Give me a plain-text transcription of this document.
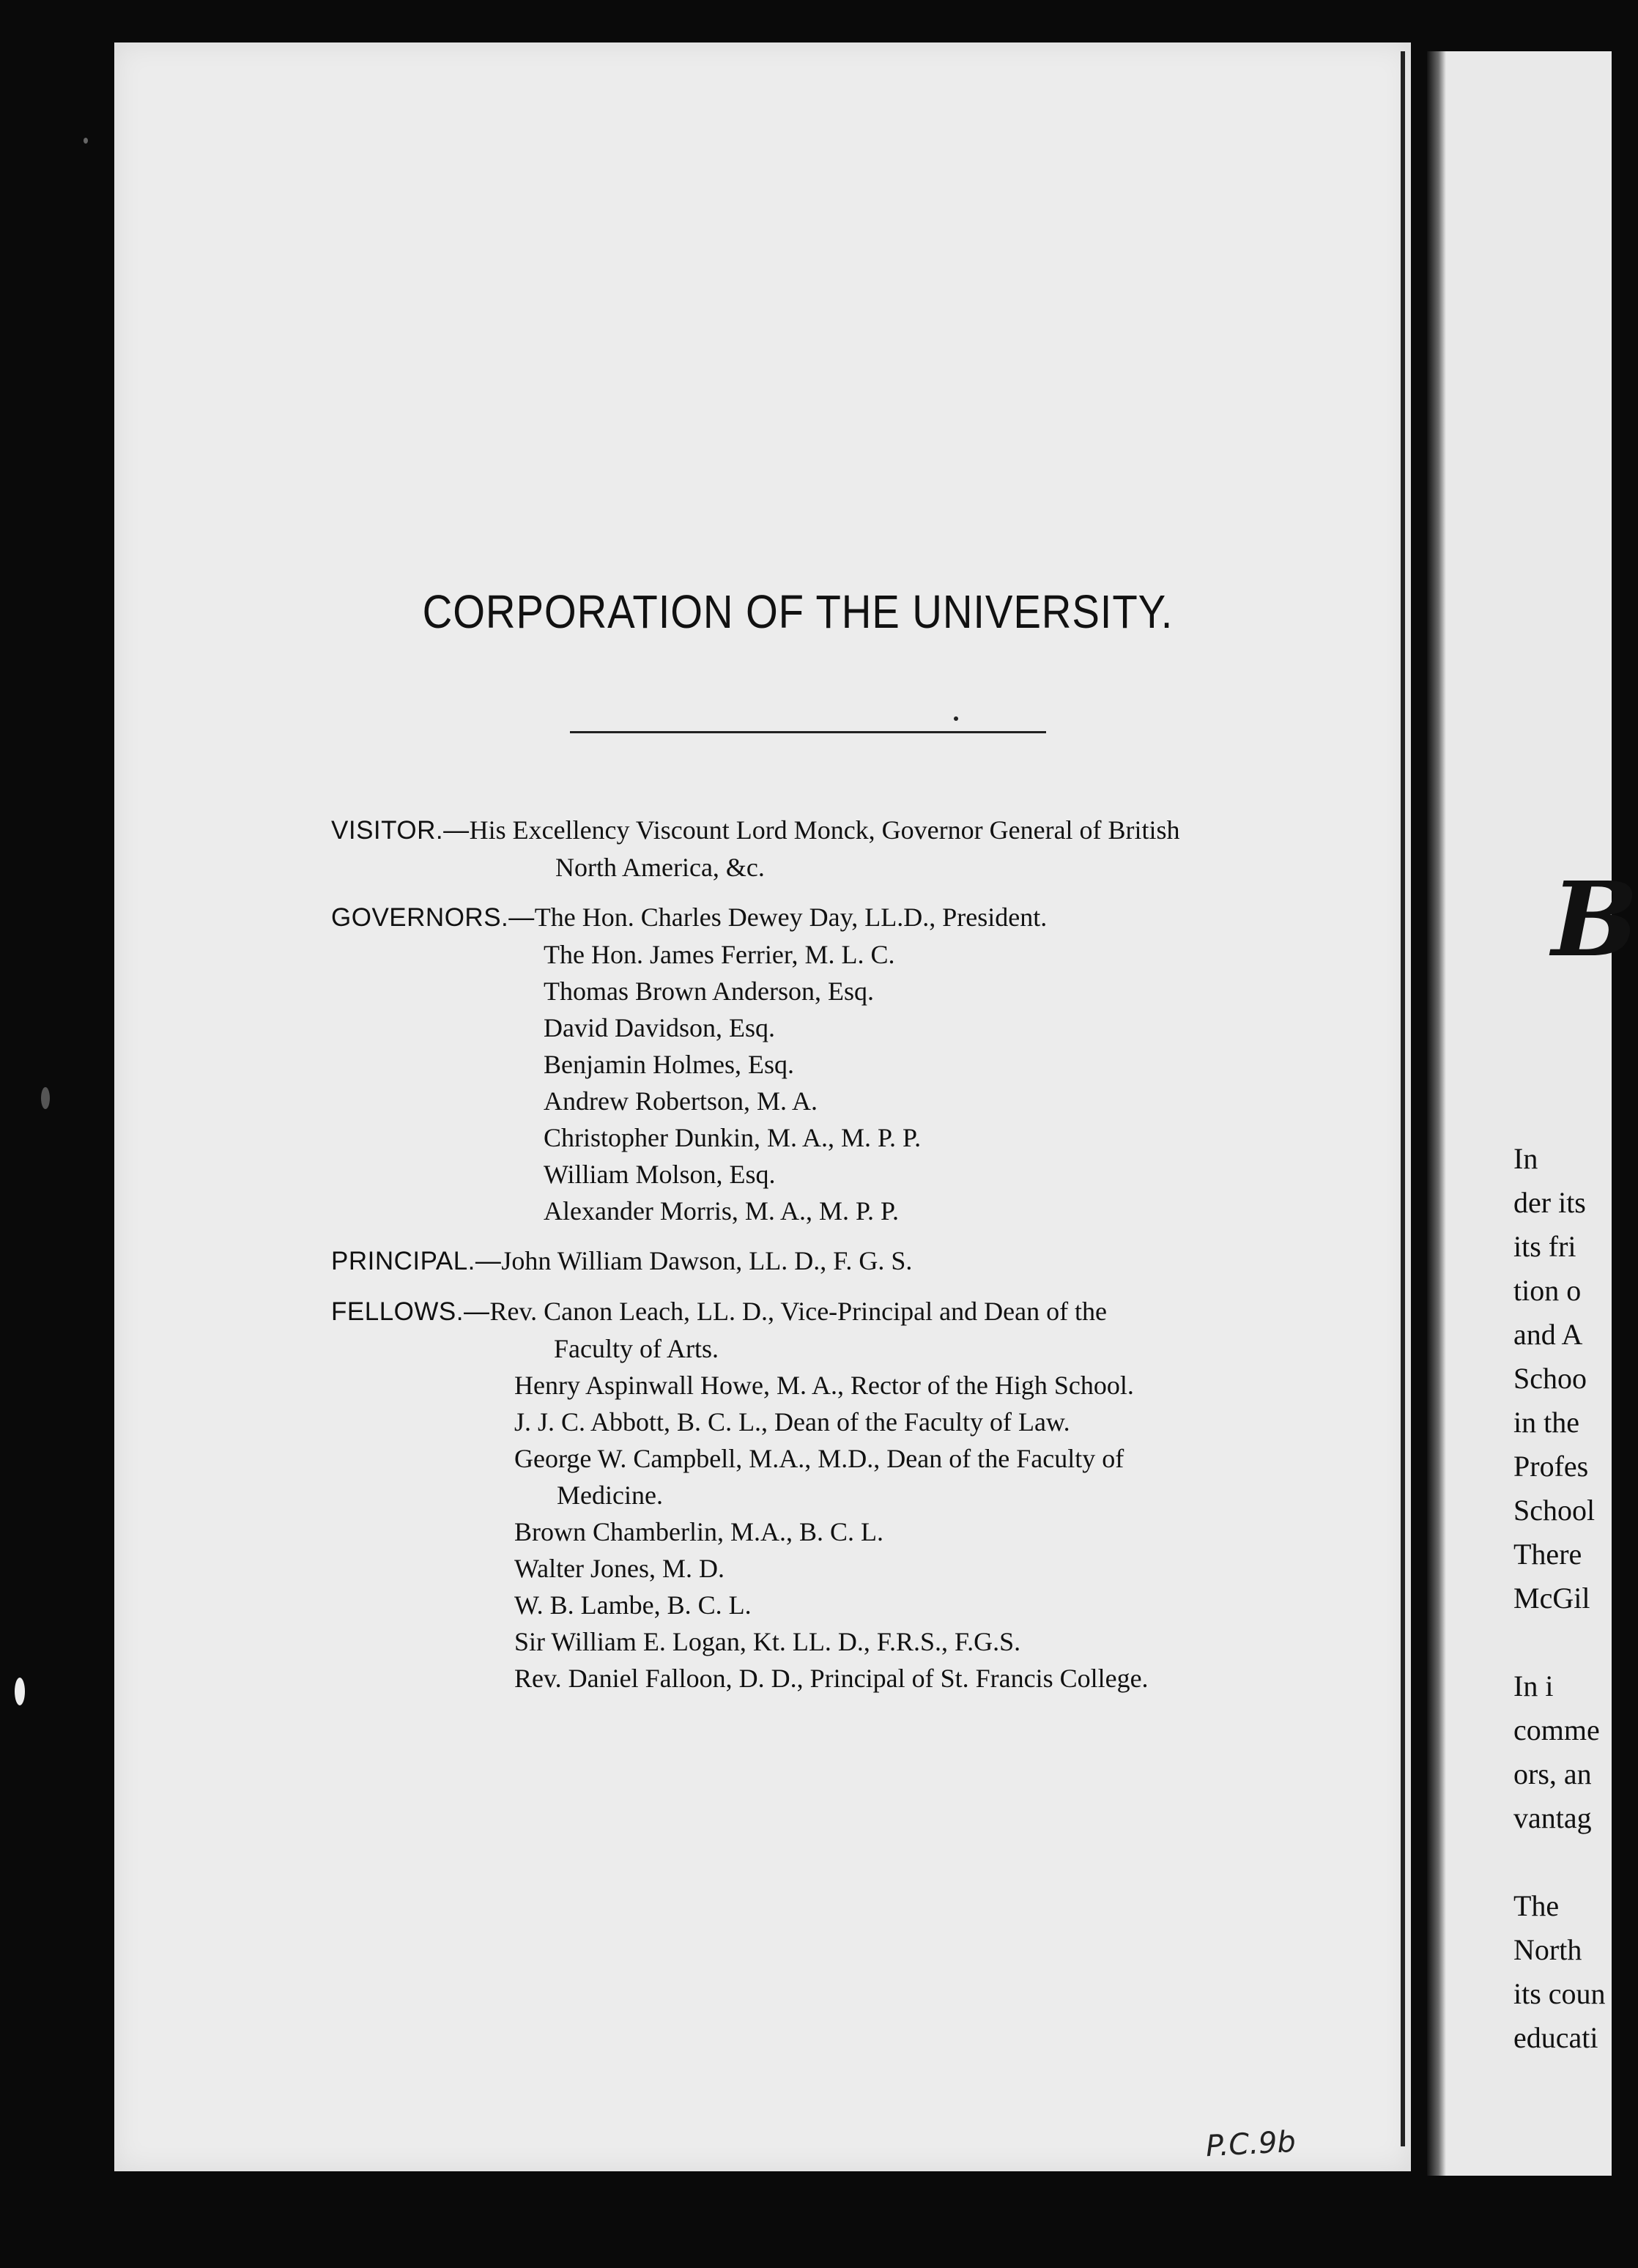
CORPORATION OF THE UNIVERSITY.
VISITOR.—His Excellency Viscount Lord Monck, Governor General of British
North America, &c.
GOVERNORS.—The Hon. Charles Dewey Day, LL.D., President.
The Hon. James Ferrier, M. L. C.
Thomas Brown Anderson, Esq.
David Davidson, Esq.
Benjamin Holmes, Esq.
Andrew Robertson, M. A.
Christopher Dunkin, M. A., M. P. P.
William Molson, Esq.
Alexander Morris, M. A., M. P. P.
PRINCIPAL.—John William Dawson, LL. D., F. G. S.
FELLOWS.—Rev. Canon Leach, LL. D., Vice-Principal and Dean of the
Faculty of Arts.
Henry Aspinwall Howe, M. A., Rector of the High School.
J. J. C. Abbott, B. C. L., Dean of the Faculty of Law.
George W. Campbell, M.A., M.D., Dean of the Faculty of
Medicine.
Brown Chamberlin, M.A., B. C. L.
Walter Jones, M. D.
W. B. Lambe, B. C. L.
Sir William E. Logan, Kt. LL. D., F.R.S., F.G.S.
Rev. Daniel Falloon, D. D., Principal of St. Francis College.
P.C.9b
B
In
der its
its fri
tion o
and A
Schoo
in the
Profes
School
There
McGil
In i
comme
ors, an
vantag
The
North
its coun
educati
